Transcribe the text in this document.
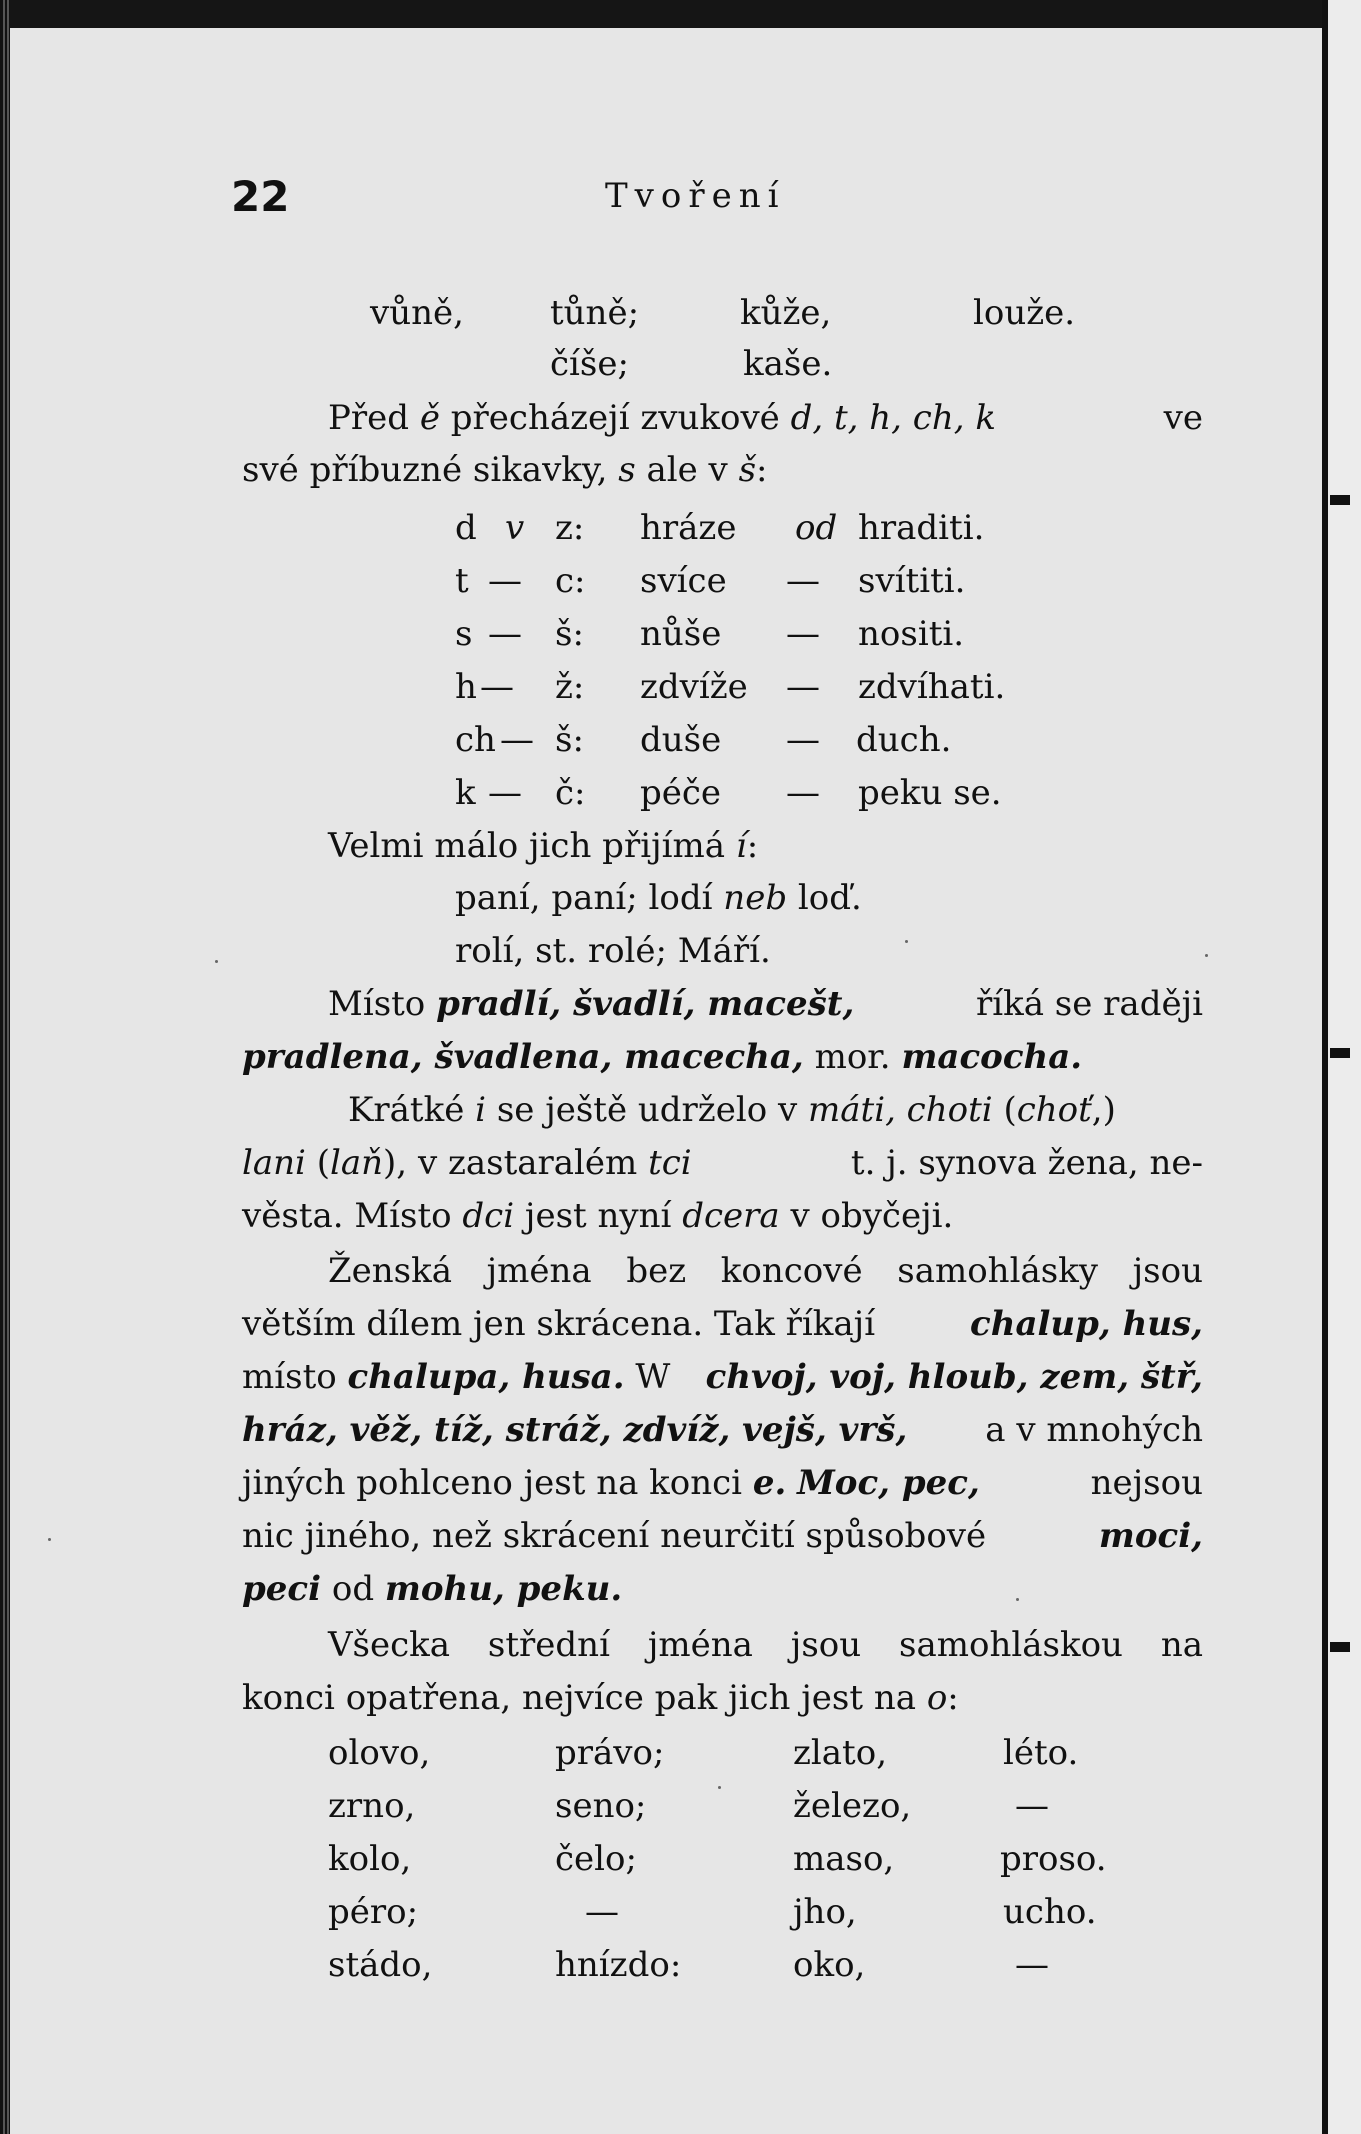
22	Tvoření
vůně,	tůně;	kůže,	louže.
číše;	kaše.
Před ě přecházejí zvukové d, t, h, ch, k	ve
své příbuzné sikavky, s ale v š:
d v z: hráze od hraditi.
t — c: svíce — svítiti.
s — š: nůše — nositi.
h — ž: zdvíže — zdvíhati.
ch — š: duše — duch.
k — č: péče — peku se.
Velmi málo jich přijímá í:
paní, paní; lodí neb loď.
rolí, st. rolé; Máří.
Místo pradlí, švadlí, macešt,	říká se raději
pradlena, švadlena, macecha, mor. macocha.
Krátké i se ještě udrželo v máti, choti (choť,)
lani (laň), v zastaralém tci	t. j. synova žena, ne-
věsta. Místo dci jest nyní dcera v obyčeji.
Ženská jména bez koncové samohlásky jsou
větším dílem jen skrácena. Tak říkají	chalup, hus,
místo chalupa, husa. W chvoj, voj, hloub, zem, štř,
hráz, věž, tíž, stráž, zdvíž, vejš, vrš, a v mnohých
jiných pohlceno jest na konci e. Moc, pec,	nejsou
nic jiného, než skrácení neurčití spůsobové	moci,
peci od mohu, peku.
Všecka střední jména jsou samohláskou na
konci opatřena, nejvíce pak jich jest na o:
olovo,	právo;	zlato,	léto.
zrno,	seno;	železo,	—
kolo,	čelo;	maso,	proso.
péro;	—	jho,	ucho.
stádo,	hnízdo:	oko,	—
